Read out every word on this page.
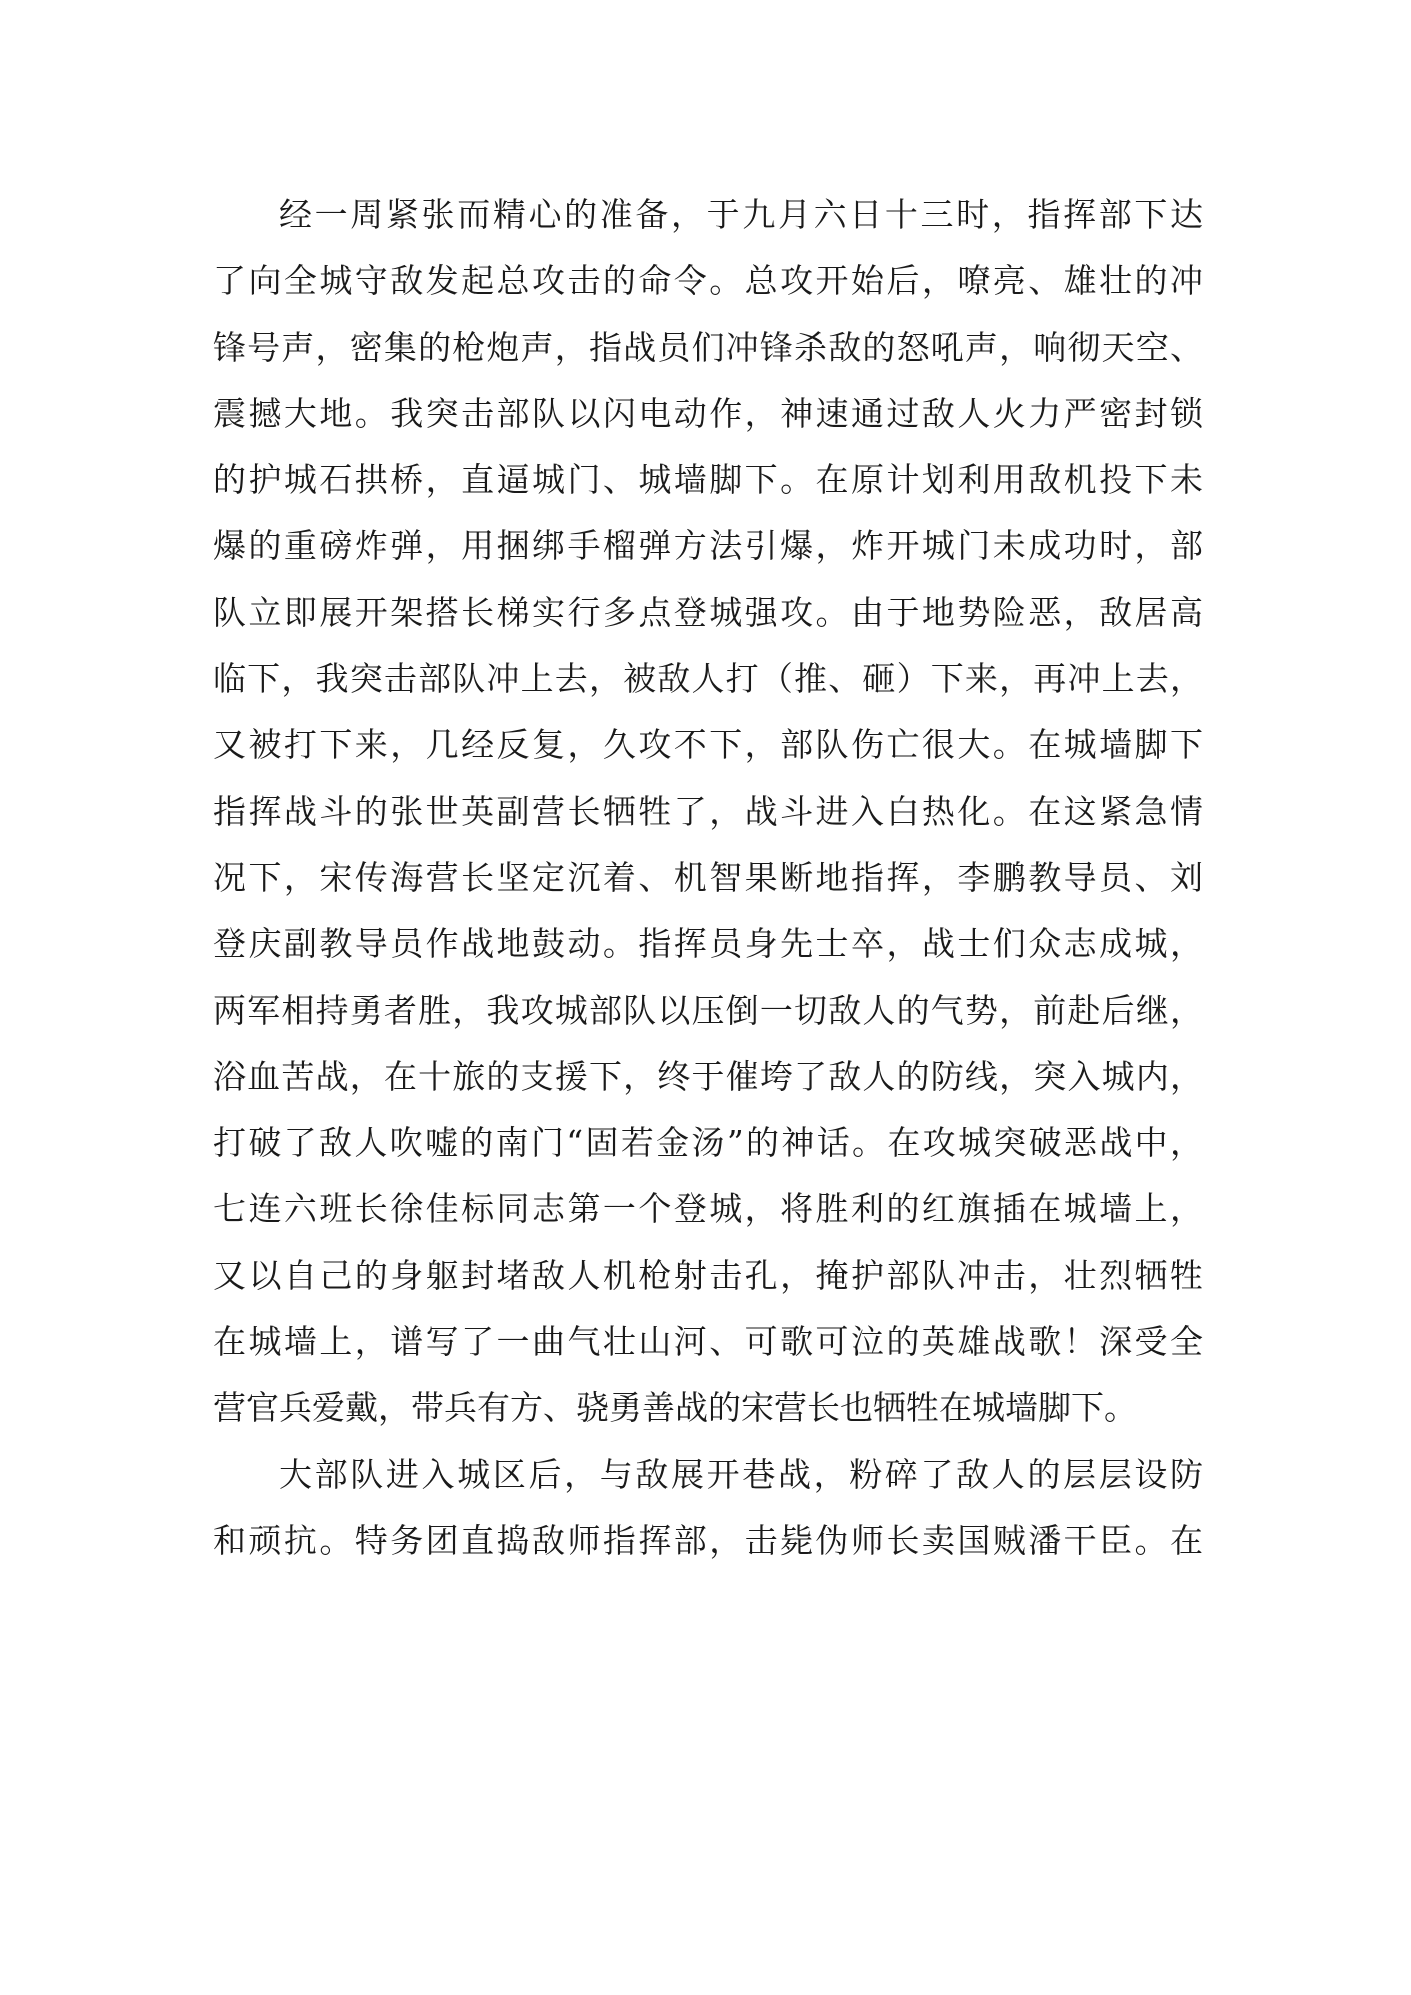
经一周紧张而精心的准备，于九月六日十三时，指挥部下达
了向全城守敌发起总攻击的命令。总攻开始后，嘹亮、雄壮的冲
锋号声，密集的枪炮声，指战员们冲锋杀敌的怒吼声，响彻天空、
震撼大地。我突击部队以闪电动作，神速通过敌人火力严密封锁
的护城石拱桥，直逼城门、城墙脚下。在原计划利用敌机投下未
爆的重磅炸弹，用捆绑手榴弹方法引爆，炸开城门未成功时，部
队立即展开架搭长梯实行多点登城强攻。由于地势险恶，敌居高
临下，我突击部队冲上去，被敌人打（推、砸）下来，再冲上去，
又被打下来，几经反复，久攻不下，部队伤亡很大。在城墙脚下
指挥战斗的张世英副营长牺牲了，战斗进入白热化。在这紧急情
况下，宋传海营长坚定沉着、机智果断地指挥，李鹏教导员、刘
登庆副教导员作战地鼓动。指挥员身先士卒，战士们众志成城，
两军相持勇者胜，我攻城部队以压倒一切敌人的气势，前赴后继，
浴血苦战，在十旅的支援下，终于催垮了敌人的防线，突入城内，
打破了敌人吹嘘的南门“固若金汤”的神话。在攻城突破恶战中，
七连六班长徐佳标同志第一个登城，将胜利的红旗插在城墙上，
又以自己的身躯封堵敌人机枪射击孔，掩护部队冲击，壮烈牺牲
在城墙上，谱写了一曲气壮山河、可歌可泣的英雄战歌！深受全
营官兵爱戴，带兵有方、骁勇善战的宋营长也牺牲在城墙脚下。
大部队进入城区后，与敌展开巷战，粉碎了敌人的层层设防
和顽抗。特务团直捣敌师指挥部，击毙伪师长卖国贼潘干臣。在
